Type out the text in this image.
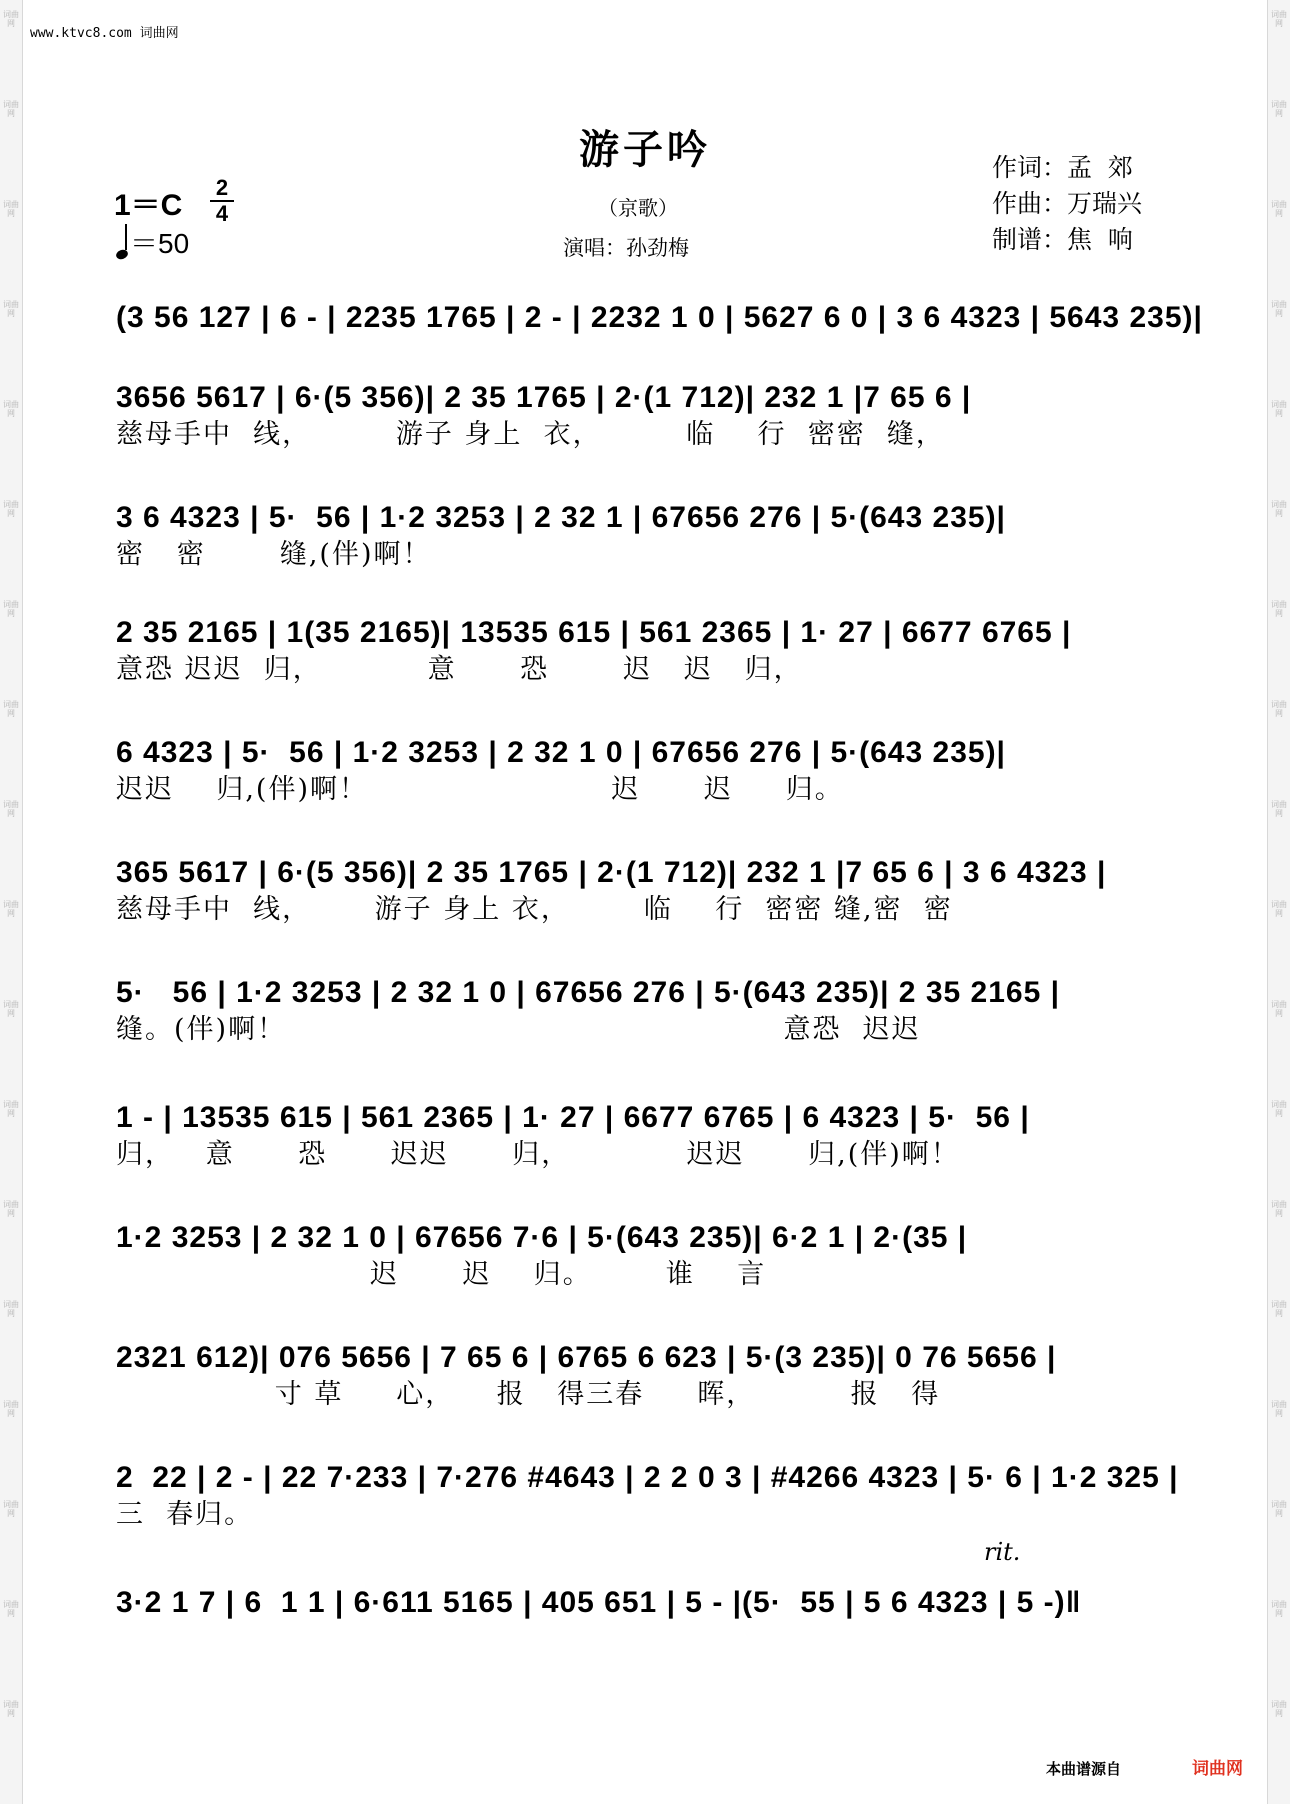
词曲网
词曲网
词曲网
词曲网
词曲网
词曲网
词曲网
词曲网
词曲网
词曲网
词曲网
词曲网
词曲网
词曲网
词曲网
词曲网
词曲网
词曲网
词曲网
词曲网
词曲网
词曲网
词曲网
词曲网
词曲网
词曲网
词曲网
词曲网
词曲网
词曲网
词曲网
词曲网
词曲网
词曲网
词曲网
词曲网
www.ktvc8.com 词曲网
游子吟
（京歌）
演唱：孙劲梅
作词：孟  郊
作曲：万瑞兴
制谱：焦  响
1＝C
2
4
＝50
(3 56 127 | 6 - | 2235 1765 | 2 - | 2232 1 0 | 5627 6 0 | 3 6 4323 | 5643 235)|
3656 5617 | 6·(5 356)| 2 35 1765 | 2·(1 712)| 232 1 |7 65 6 |
慈母手中  线，        游子 身上  衣，        临    行  密密  缝，
3 6 4323 | 5·  56 | 1·2 3253 | 2 32 1 | 67656 276 | 5·(643 235)|
密   密       缝,(伴)啊！
2 35 2165 | 1(35 2165)| 13535 615 | 561 2365 | 1· 27 | 6677 6765 |
意恐 迟迟  归，          意      恐       迟   迟   归，
6 4323 | 5·  56 | 1·2 3253 | 2 32 1 0 | 67656 276 | 5·(643 235)|
迟迟    归,(伴)啊！                       迟      迟     归。
365 5617 | 6·(5 356)| 2 35 1765 | 2·(1 712)| 232 1 |7 65 6 | 3 6 4323 |
慈母手中  线，      游子 身上 衣，       临    行  密密 缝,密  密
5·   56 | 1·2 3253 | 2 32 1 0 | 67656 276 | 5·(643 235)| 2 35 2165 |
缝。(伴)啊！                                               意恐  迟迟
1 - | 13535 615 | 561 2365 | 1· 27 | 6677 6765 | 6 4323 | 5·  56 |
归，   意      恐      迟迟      归，           迟迟      归,(伴)啊！
1·2 3253 | 2 32 1 0 | 67656 7·6 | 5·(643 235)| 6·2 1 | 2·(35 |
迟      迟    归。       谁    言
2321 612)| 076 5656 | 7 65 6 | 6765 6 623 | 5·(3 235)| 0 76 5656 |
寸 草     心，    报   得三春     晖，         报   得
2  22 | 2 - | 22 7·233 | 7·276 #4643 | 2 2 0 3 | #4266 4323 | 5· 6 | 1·2 325 |
三  春归。
3·2 1 7 | 6  1 1 | 6·611 5165 | 405 651 | 5 - |(5·  55 | 5 6 4323 | 5 -)‖
rit.
本曲谱源自	词曲网
